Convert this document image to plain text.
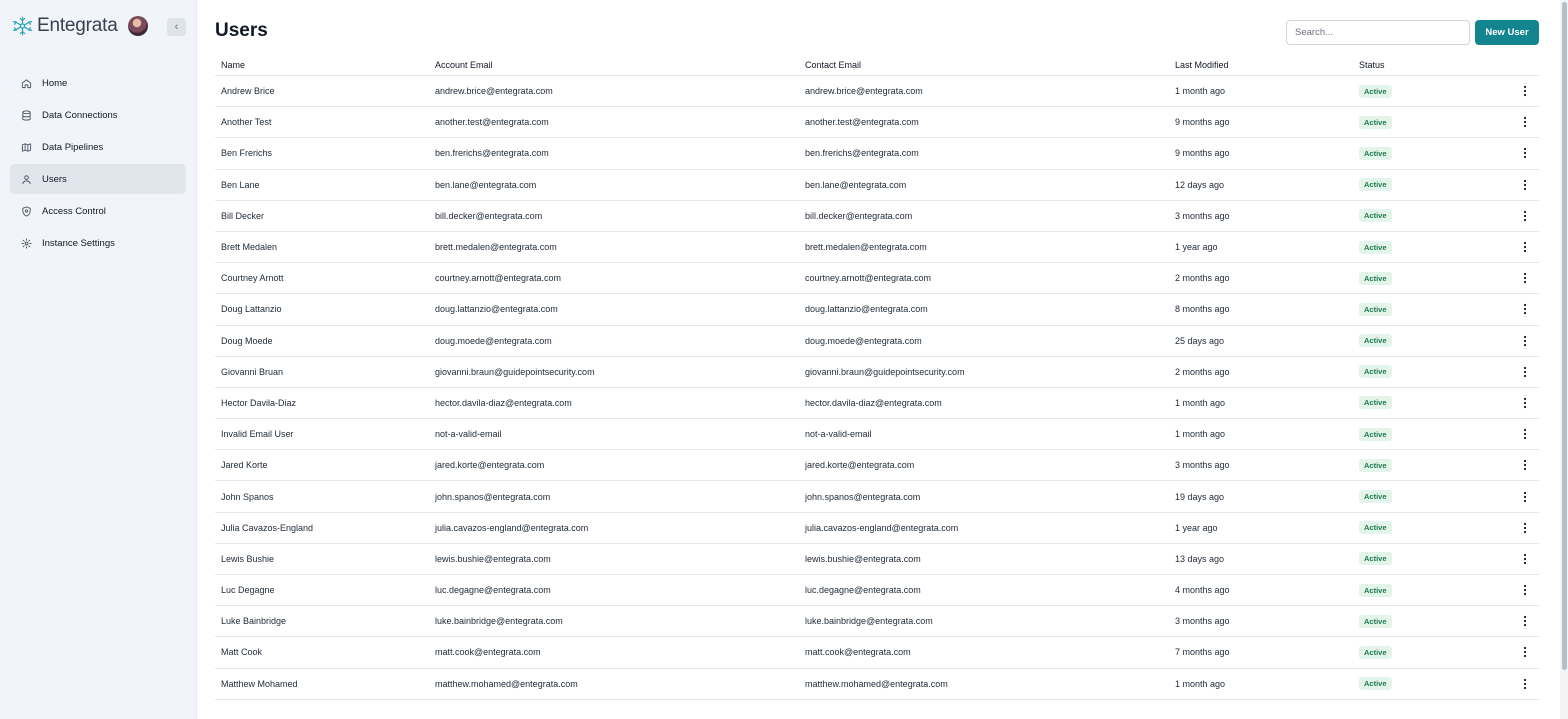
Entegrata	‹
Home
Data Connections
Data Pipelines
Users
Access Control
Instance Settings
Users
Search...	New User
Name	Account Email	Contact Email	Last Modified	Status
Andrew Brice	andrew.brice@entegrata.com	andrew.brice@entegrata.com	1 month ago	Active
Another Test	another.test@entegrata.com	another.test@entegrata.com	9 months ago	Active
Ben Frerichs	ben.frerichs@entegrata.com	ben.frerichs@entegrata.com	9 months ago	Active
Ben Lane	ben.lane@entegrata.com	ben.lane@entegrata.com	12 days ago	Active
Bill Decker	bill.decker@entegrata.com	bill.decker@entegrata.com	3 months ago	Active
Brett Medalen	brett.medalen@entegrata.com	brett.medalen@entegrata.com	1 year ago	Active
Courtney Arnott	courtney.arnott@entegrata.com	courtney.arnott@entegrata.com	2 months ago	Active
Doug Lattanzio	doug.lattanzio@entegrata.com	doug.lattanzio@entegrata.com	8 months ago	Active
Doug Moede	doug.moede@entegrata.com	doug.moede@entegrata.com	25 days ago	Active
Giovanni Bruan	giovanni.braun@guidepointsecurity.com	giovanni.braun@guidepointsecurity.com	2 months ago	Active
Hector Davila-Diaz	hector.davila-diaz@entegrata.com	hector.davila-diaz@entegrata.com	1 month ago	Active
Invalid Email User	not-a-valid-email	not-a-valid-email	1 month ago	Active
Jared Korte	jared.korte@entegrata.com	jared.korte@entegrata.com	3 months ago	Active
John Spanos	john.spanos@entegrata.com	john.spanos@entegrata.com	19 days ago	Active
Julia Cavazos-England	julia.cavazos-england@entegrata.com	julia.cavazos-england@entegrata.com	1 year ago	Active
Lewis Bushie	lewis.bushie@entegrata.com	lewis.bushie@entegrata.com	13 days ago	Active
Luc Degagne	luc.degagne@entegrata.com	luc.degagne@entegrata.com	4 months ago	Active
Luke Bainbridge	luke.bainbridge@entegrata.com	luke.bainbridge@entegrata.com	3 months ago	Active
Matt Cook	matt.cook@entegrata.com	matt.cook@entegrata.com	7 months ago	Active
Matthew Mohamed	matthew.mohamed@entegrata.com	matthew.mohamed@entegrata.com	1 month ago	Active
